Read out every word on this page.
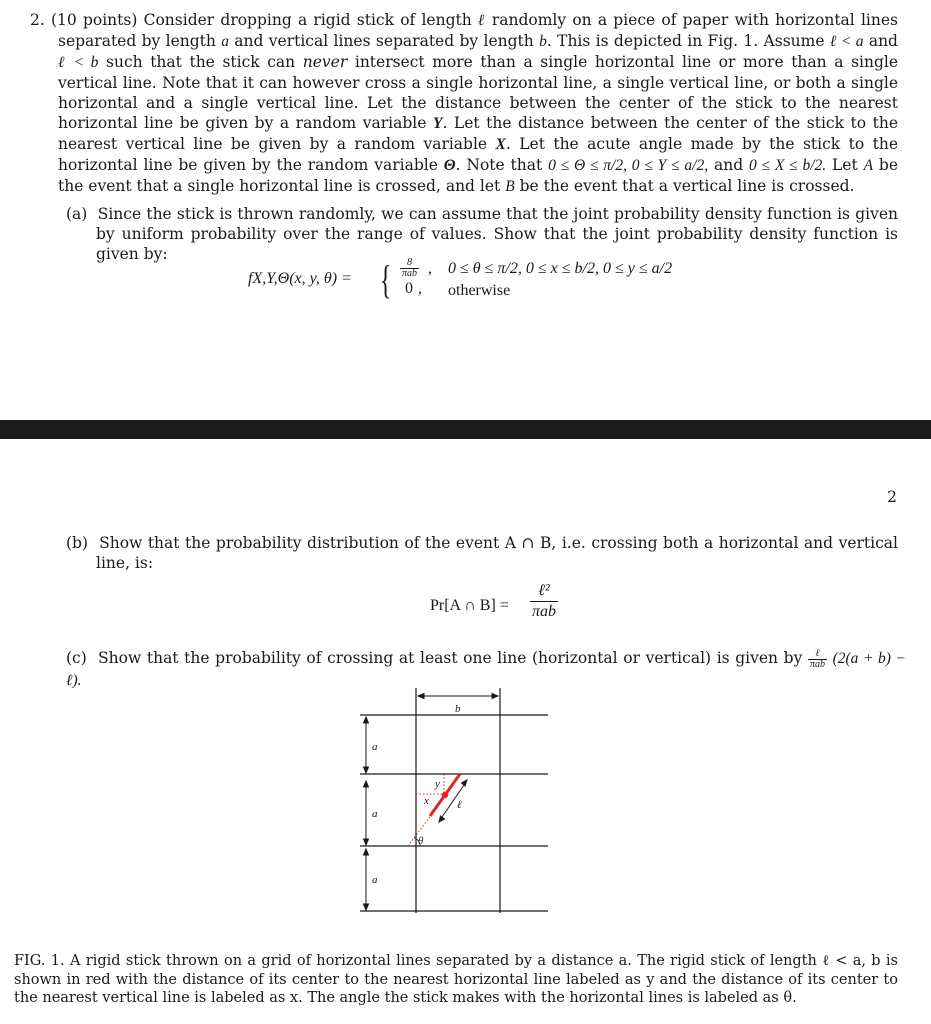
2. (10 points) Consider dropping a rigid stick of length ℓ randomly on a piece of paper with horizontal lines separated by length a and vertical lines separated by length b. This is depicted in Fig. 1. Assume ℓ < a and ℓ < b such that the stick can never intersect more than a single horizontal line or more than a single vertical line. Note that it can however cross a single horizontal line, a single vertical line, or both a single horizontal and a single vertical line. Let the distance between the center of the stick to the nearest horizontal line be given by a random variable Y. Let the distance between the center of the stick to the nearest vertical line be given by a random variable X. Let the acute angle made by the stick to the horizontal line be given by the random variable Θ. Note that 0 ≤ Θ ≤ π/2, 0 ≤ Y ≤ a/2, and 0 ≤ X ≤ b/2. Let A be the event that a single horizontal line is crossed, and let B be the event that a vertical line is crossed.
(a) Since the stick is thrown randomly, we can assume that the joint probability density function is given by uniform probability over the range of values. Show that the joint probability density function is given by:
fX,Y,Θ(x, y, θ) = {	8
πab , 0 ≤ θ ≤ π/2, 0 ≤ x ≤ b/2, 0 ≤ y ≤ a/2
0 , otherwise
2
(b) Show that the probability distribution of the event A ∩ B, i.e. crossing both a horizontal and vertical line, is:
Pr[A ∩ B] =
ℓ²
πab
(c) Show that the probability of crossing at least one line (horizontal or vertical) is given by $\frac{\text{ℓ}}{\text{πab}} (2(a + b)$ − ℓ).
b
a
a
a
y
x	ℓ
θ
FIG. 1. A rigid stick thrown on a grid of horizontal lines separated by a distance a. The rigid stick of length ℓ < a, b is shown in red with the distance of its center to the nearest horizontal line labeled as y and the distance of its center to the nearest vertical line is labeled as x. The angle the stick makes with the horizontal lines is labeled as θ.
